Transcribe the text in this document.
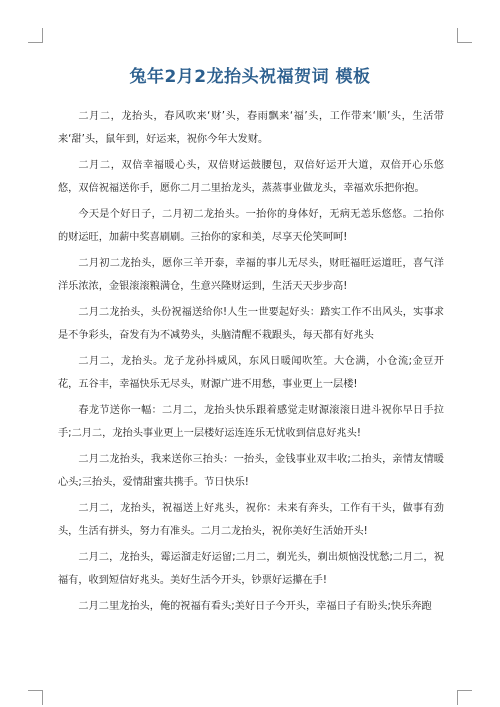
兔年2月2龙抬头祝福贺词 模板

二月二，龙抬头，春风吹来‘财’头，春雨飘来‘福’头，工作带来‘顺’头，生活带来‘甜’头，鼠年到，好运来，祝你今年大发财。

二月二，双倍幸福暖心头，双倍财运鼓腰包，双倍好运开大道，双倍开心乐悠悠，双倍祝福送你手，愿你二月二里抬龙头，蒸蒸事业做龙头，幸福欢乐把你抱。

今天是个好日子，二月初二龙抬头。一抬你的身体好，无病无恙乐悠悠。二抬你的财运旺，加薪中奖喜刷刷。三抬你的家和美，尽享天伦笑呵呵!

二月初二龙抬头，愿你三羊开泰，幸福的事儿无尽头，财旺福旺运道旺，喜气洋洋乐浓浓，金银滚滚粮满仓，生意兴隆财运到，生活天天步步高!

二月二龙抬头，头份祝福送给你!人生一世要起好头：踏实工作不出风头，实事求是不争彩头，奋发有为不减势头，头脑清醒不栽跟头，每天都有好兆头

二月二，龙抬头。龙子龙孙抖威风，东风日暖闻吹笙。大仓满，小仓流;金豆开花，五谷丰，幸福快乐无尽头，财源广进不用愁，事业更上一层楼!

春龙节送你一幅：二月二，龙抬头快乐跟着感觉走财源滚滚日进斗祝你早日手拉手;二月二，龙抬头事业更上一层楼好运连连乐无忧收到信息好兆头!

二月二龙抬头，我来送你三抬头：一抬头，金钱事业双丰收;二抬头，亲情友情暖心头;三抬头，爱情甜蜜共携手。节日快乐!

二月二，龙抬头，祝福送上好兆头，祝你：未来有奔头，工作有干头，做事有劲头，生活有拼头，努力有准头。二月二龙抬头，祝你美好生活始开头!

二月二，龙抬头，霉运溜走好运留;二月二，剃光头，剃出烦恼没忧愁;二月二，祝福有，收到短信好兆头。美好生活今开头，钞票好运攥在手!

二月二里龙抬头，俺的祝福有看头;美好日子今开头，幸福日子有盼头;快乐奔跑
